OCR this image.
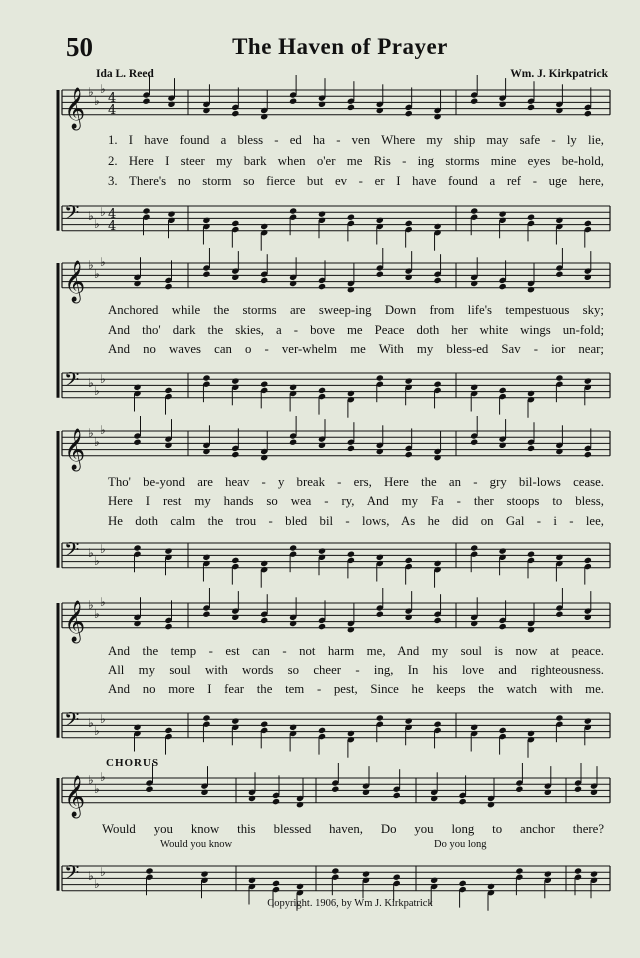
50	The Haven of Prayer
Ida L. Reed	Wm. J. Kirkpatrick
𝄞 ♭
♭
♭
4
4
𝄢 ♭
♭
♭ 4
4
𝄞 ♭
♭
♭
𝄢 ♭
♭
♭
𝄞 ♭
♭
♭
𝄢 ♭
♭
♭
𝄞 ♭
♭
♭
𝄢 ♭
♭
♭
𝄞 ♭
♭
♭
𝄢 ♭
♭
♭
1. I have found a bless - ed ha - ven Where my ship may safe - ly lie,
2. Here I steer my bark when o'er me Ris - ing storms mine eyes be-hold,
3. There's no storm so fierce but ev - er I have found a ref - uge here,
Anchored while the storms are sweep-ing Down from life's tempestuous sky;
And tho' dark the skies, a - bove me Peace doth her white wings un-fold;
And no waves can o - ver-whelm me With my bless-ed Sav - ior near;
Tho' be-yond are heav - y break - ers, Here the an - gry bil-lows cease.
Here I rest my hands so wea - ry, And my Fa - ther stoops to bless,
He doth calm the trou - bled bil - lows, As he did on Gal - i - lee,
And the temp - est can - not harm me, And my soul is now at peace.
All my soul with words so cheer - ing, In his love and righteousness.
And no more I fear the tem - pest, Since he keeps the watch with me.
CHORUS
Would you know this blessed haven, Do you long to anchor there?
Would you know	Do you long
Copyright. 1906, by Wm J. Kirkpatrick
